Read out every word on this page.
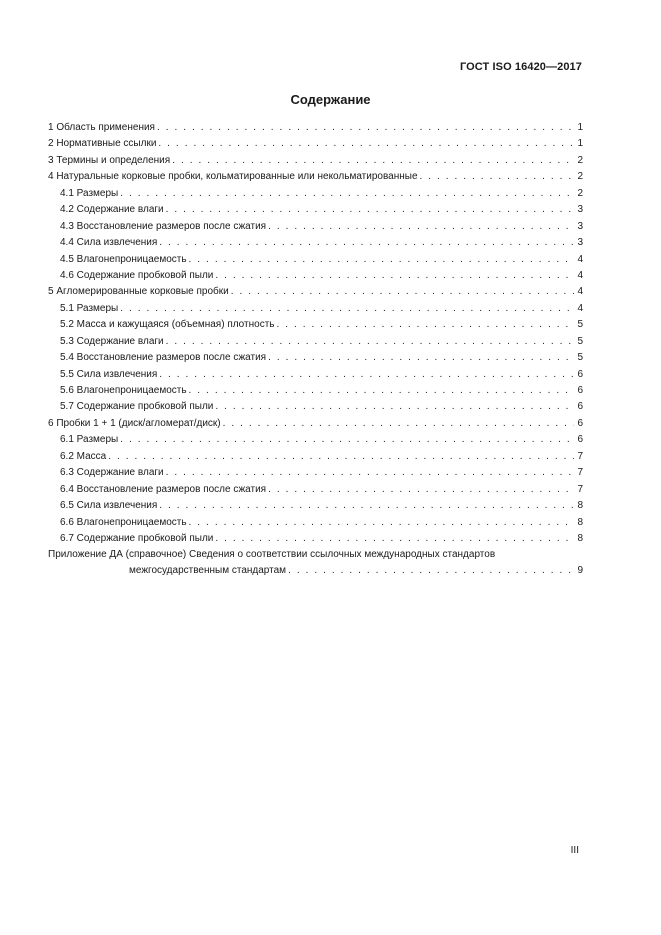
ГОСТ ISO 16420—2017
Содержание
1 Область применения . . .	1
2 Нормативные ссылки . . .	1
3 Термины и определения . . .	2
4 Натуральные корковые пробки, кольматированные или некольматированные . . .	2
4.1 Размеры . . .	2
4.2 Содержание влаги . . .	3
4.3 Восстановление размеров после сжатия . . .	3
4.4 Сила извлечения . . .	3
4.5 Влагонепроницаемость . . .	4
4.6 Содержание пробковой пыли . . .	4
5 Агломерированные корковые пробки . . .	4
5.1 Размеры . . .	4
5.2 Масса и кажущаяся (объемная) плотность . . .	5
5.3 Содержание влаги . . .	5
5.4 Восстановление размеров после сжатия . . .	5
5.5 Сила извлечения . . .	6
5.6 Влагонепроницаемость . . .	6
5.7 Содержание пробковой пыли . . .	6
6 Пробки 1 + 1 (диск/агломерат/диск) . . .	6
6.1 Размеры . . .	6
6.2 Масса . . .	7
6.3 Содержание влаги . . .	7
6.4 Восстановление размеров после сжатия . . .	7
6.5 Сила извлечения . . .	8
6.6 Влагонепроницаемость . . .	8
6.7 Содержание пробковой пыли . . .	8
Приложение ДА (справочное) Сведения о соответствии ссылочных международных стандартов
межгосударственным стандартам . . .	9
III
